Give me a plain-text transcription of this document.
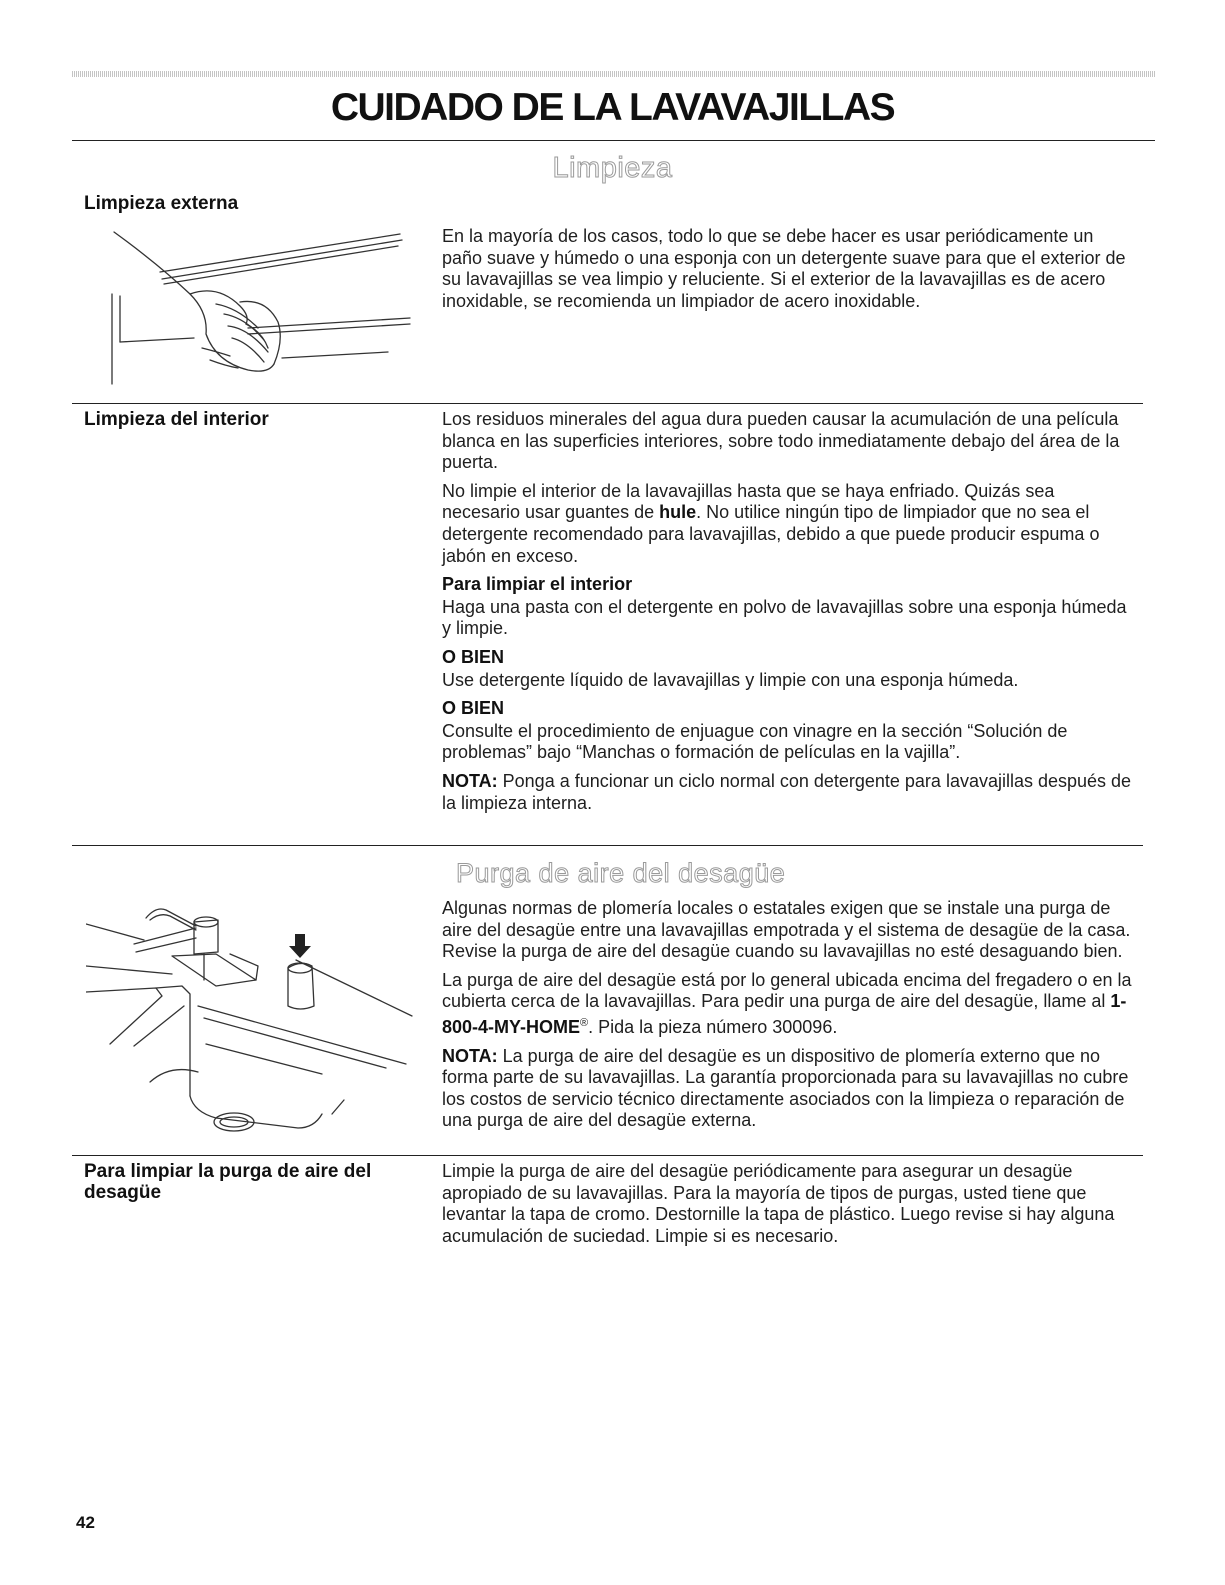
CUIDADO DE LA LAVAVAJILLAS
Limpieza
Limpieza externa

En la mayoría de los casos, todo lo que se debe hacer es usar periódicamente un paño suave y húmedo o una esponja con un detergente suave para que el exterior de su lavavajillas se vea limpio y reluciente. Si el exterior de la lavavajillas es de acero inoxidable, se recomienda un limpiador de acero inoxidable.

Limpieza del interior	Los residuos minerales del agua dura pueden causar la acumulación de una película blanca en las superficies interiores, sobre todo inmediatamente debajo del área de la puerta.

No limpie el interior de la lavavajillas hasta que se haya enfriado. Quizás sea necesario usar guantes de hule. No utilice ningún tipo de limpiador que no sea el detergente recomendado para lavavajillas, debido a que puede producir espuma o jabón en exceso.

Para limpiar el interior

Haga una pasta con el detergente en polvo de lavavajillas sobre una esponja húmeda y limpie.

O BIEN

Use detergente líquido de lavavajillas y limpie con una esponja húmeda.

O BIEN

Consulte el procedimiento de enjuague con vinagre en la sección “Solución de problemas” bajo “Manchas o formación de películas en la vajilla”.

NOTA: Ponga a funcionar un ciclo normal con detergente para lavavajillas después de la limpieza interna.

Purga de aire del desagüe

Algunas normas de plomería locales o estatales exigen que se instale una purga de aire del desagüe entre una lavavajillas empotrada y el sistema de desagüe de la casa. Revise la purga de aire del desagüe cuando su lavavajillas no esté desaguando bien.

La purga de aire del desagüe está por lo general ubicada encima del fregadero o en la cubierta cerca de la lavavajillas. Para pedir una purga de aire del desagüe, llame al 1-800-4-MY-HOME®. Pida la pieza número 300096.

NOTA: La purga de aire del desagüe es un dispositivo de plomería externo que no forma parte de su lavavajillas. La garantía proporcionada para su lavavajillas no cubre los costos de servicio técnico directamente asociados con la limpieza o reparación de una purga de aire del desagüe externa.

Para limpiar la purga de aire del desagüe

Limpie la purga de aire del desagüe periódicamente para asegurar un desagüe apropiado de su lavavajillas. Para la mayoría de tipos de purgas, usted tiene que levantar la tapa de cromo. Destornille la tapa de plástico. Luego revise si hay alguna acumulación de suciedad. Limpie si es necesario.

42
